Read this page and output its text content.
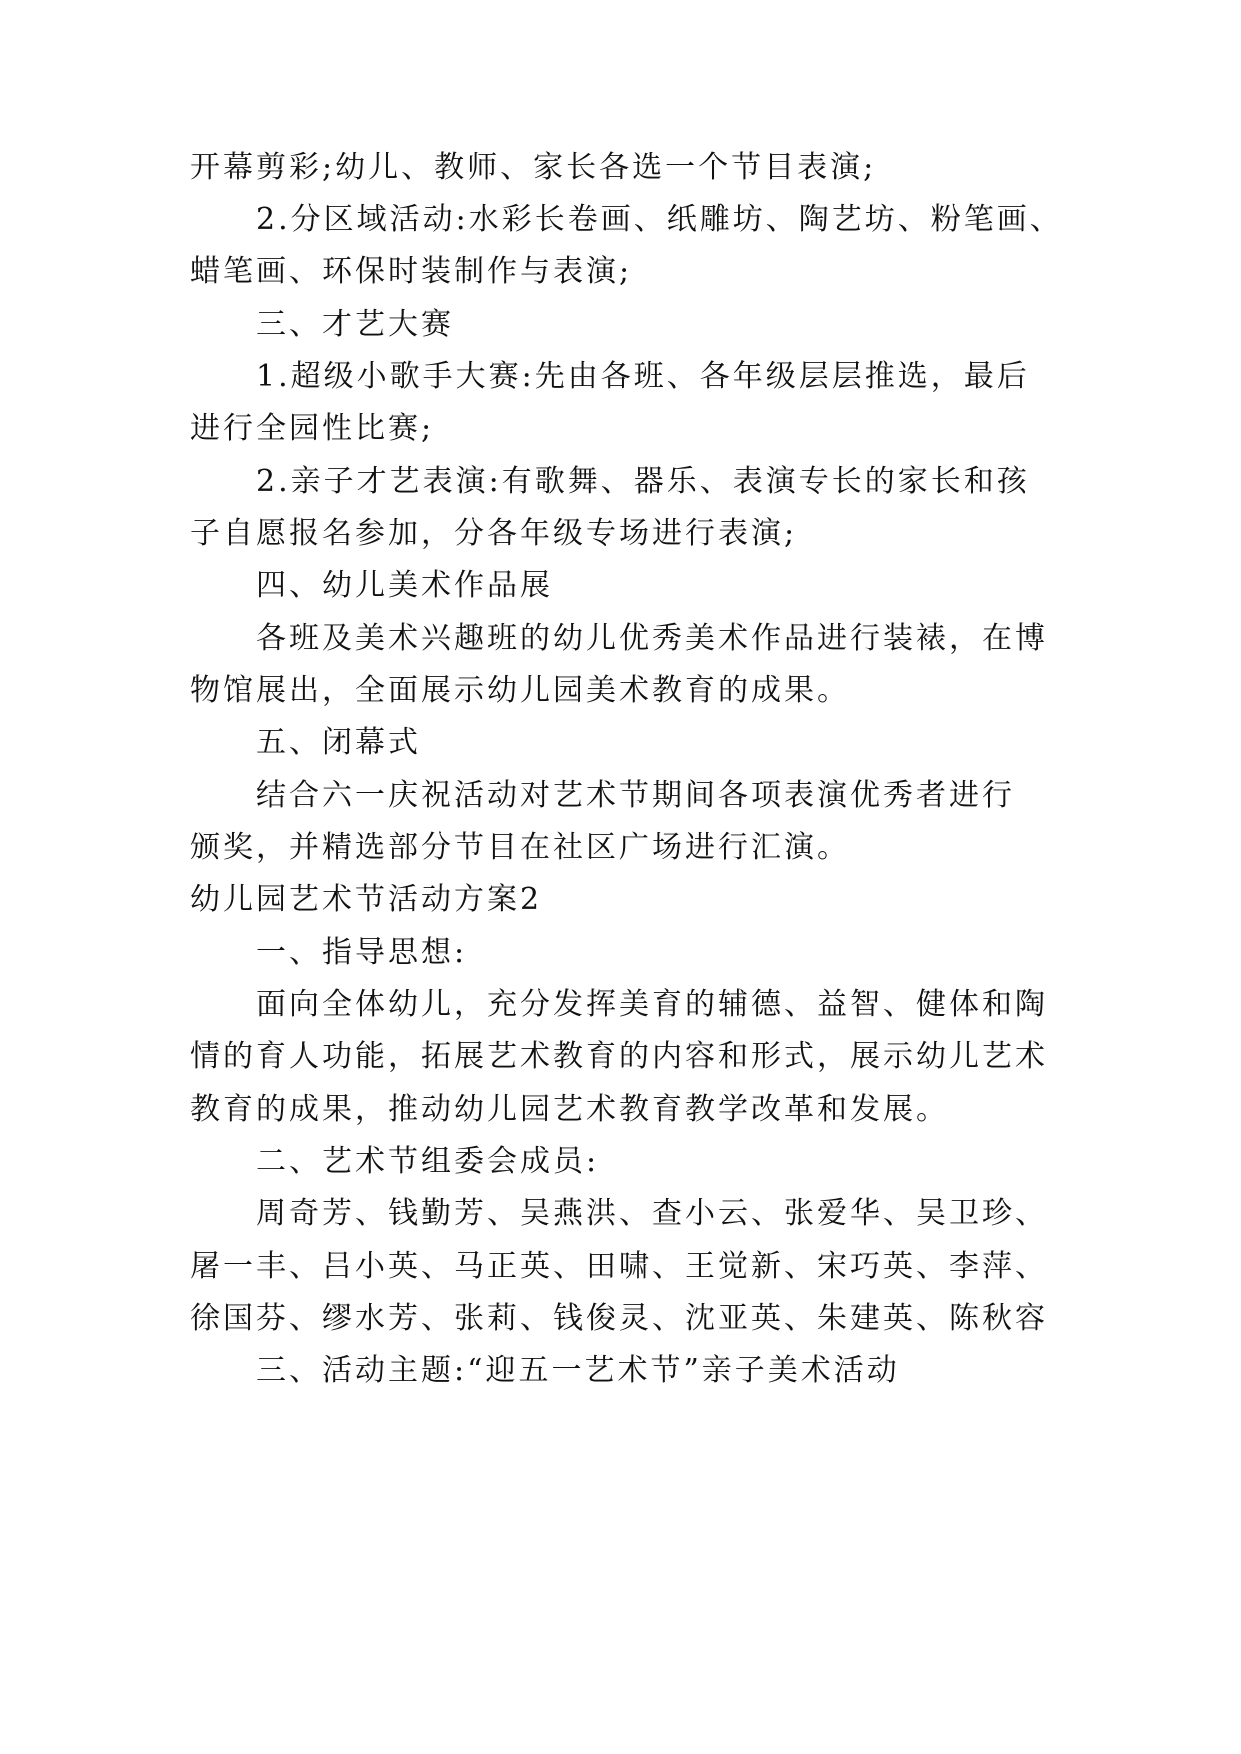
开幕剪彩;幼儿、教师、家长各选一个节目表演;
2.分区域活动:水彩长卷画、纸雕坊、陶艺坊、粉笔画、
蜡笔画、环保时装制作与表演;
三、才艺大赛
1.超级小歌手大赛:先由各班、各年级层层推选，最后
进行全园性比赛;
2.亲子才艺表演:有歌舞、器乐、表演专长的家长和孩
子自愿报名参加，分各年级专场进行表演;
四、幼儿美术作品展
各班及美术兴趣班的幼儿优秀美术作品进行装裱，在博
物馆展出，全面展示幼儿园美术教育的成果。
五、闭幕式
结合六一庆祝活动对艺术节期间各项表演优秀者进行
颁奖，并精选部分节目在社区广场进行汇演。
幼儿园艺术节活动方案2
一、指导思想:
面向全体幼儿，充分发挥美育的辅德、益智、健体和陶
情的育人功能，拓展艺术教育的内容和形式，展示幼儿艺术
教育的成果，推动幼儿园艺术教育教学改革和发展。
二、艺术节组委会成员:
周奇芳、钱勤芳、吴燕洪、查小云、张爱华、吴卫珍、
屠一丰、吕小英、马正英、田啸、王觉新、宋巧英、李萍、
徐国芬、缪水芳、张莉、钱俊灵、沈亚英、朱建英、陈秋容
三、活动主题:“迎五一艺术节”亲子美术活动
